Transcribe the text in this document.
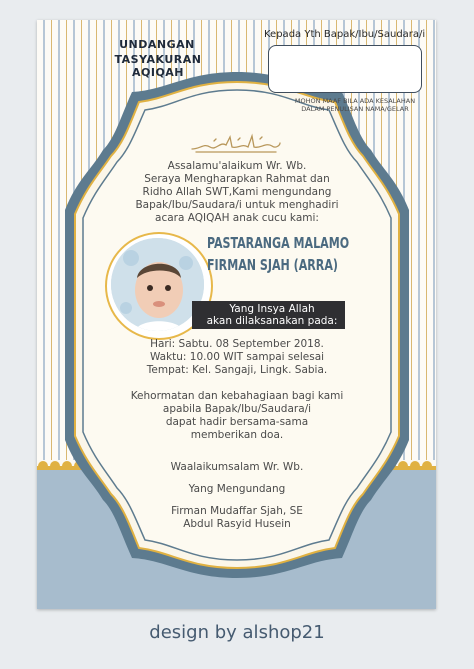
UNDANGAN
TASYAKURAN AQIQAH
Kepada Yth Bapak/Ibu/Saudara/i
MOHON MAAF BILA ADA KESALAHAN
DALAM PENULISAN NAMA/GELAR
Assalamu'alaikum Wr. Wb.
Seraya Mengharapkan Rahmat dan
Ridho Allah SWT,Kami mengundang
Bapak/Ibu/Saudara/i untuk menghadiri
acara AQIQAH anak cucu kami:
PASTARANGA MALAMO
FIRMAN SJAH (ARRA)
Yang Insya Allah
akan dilaksanakan pada:
Hari: Sabtu. 08 September 2018.
Waktu: 10.00 WIT sampai selesai
Tempat: Kel. Sangaji, Lingk. Sabia.
Kehormatan dan kebahagiaan bagi kami
apabila Bapak/Ibu/Saudara/i
dapat hadir bersama-sama
memberikan doa.
Waalaikumsalam Wr. Wb.
Yang Mengundang
Firman Mudaffar Sjah, SE
Abdul Rasyid Husein
design by alshop21
